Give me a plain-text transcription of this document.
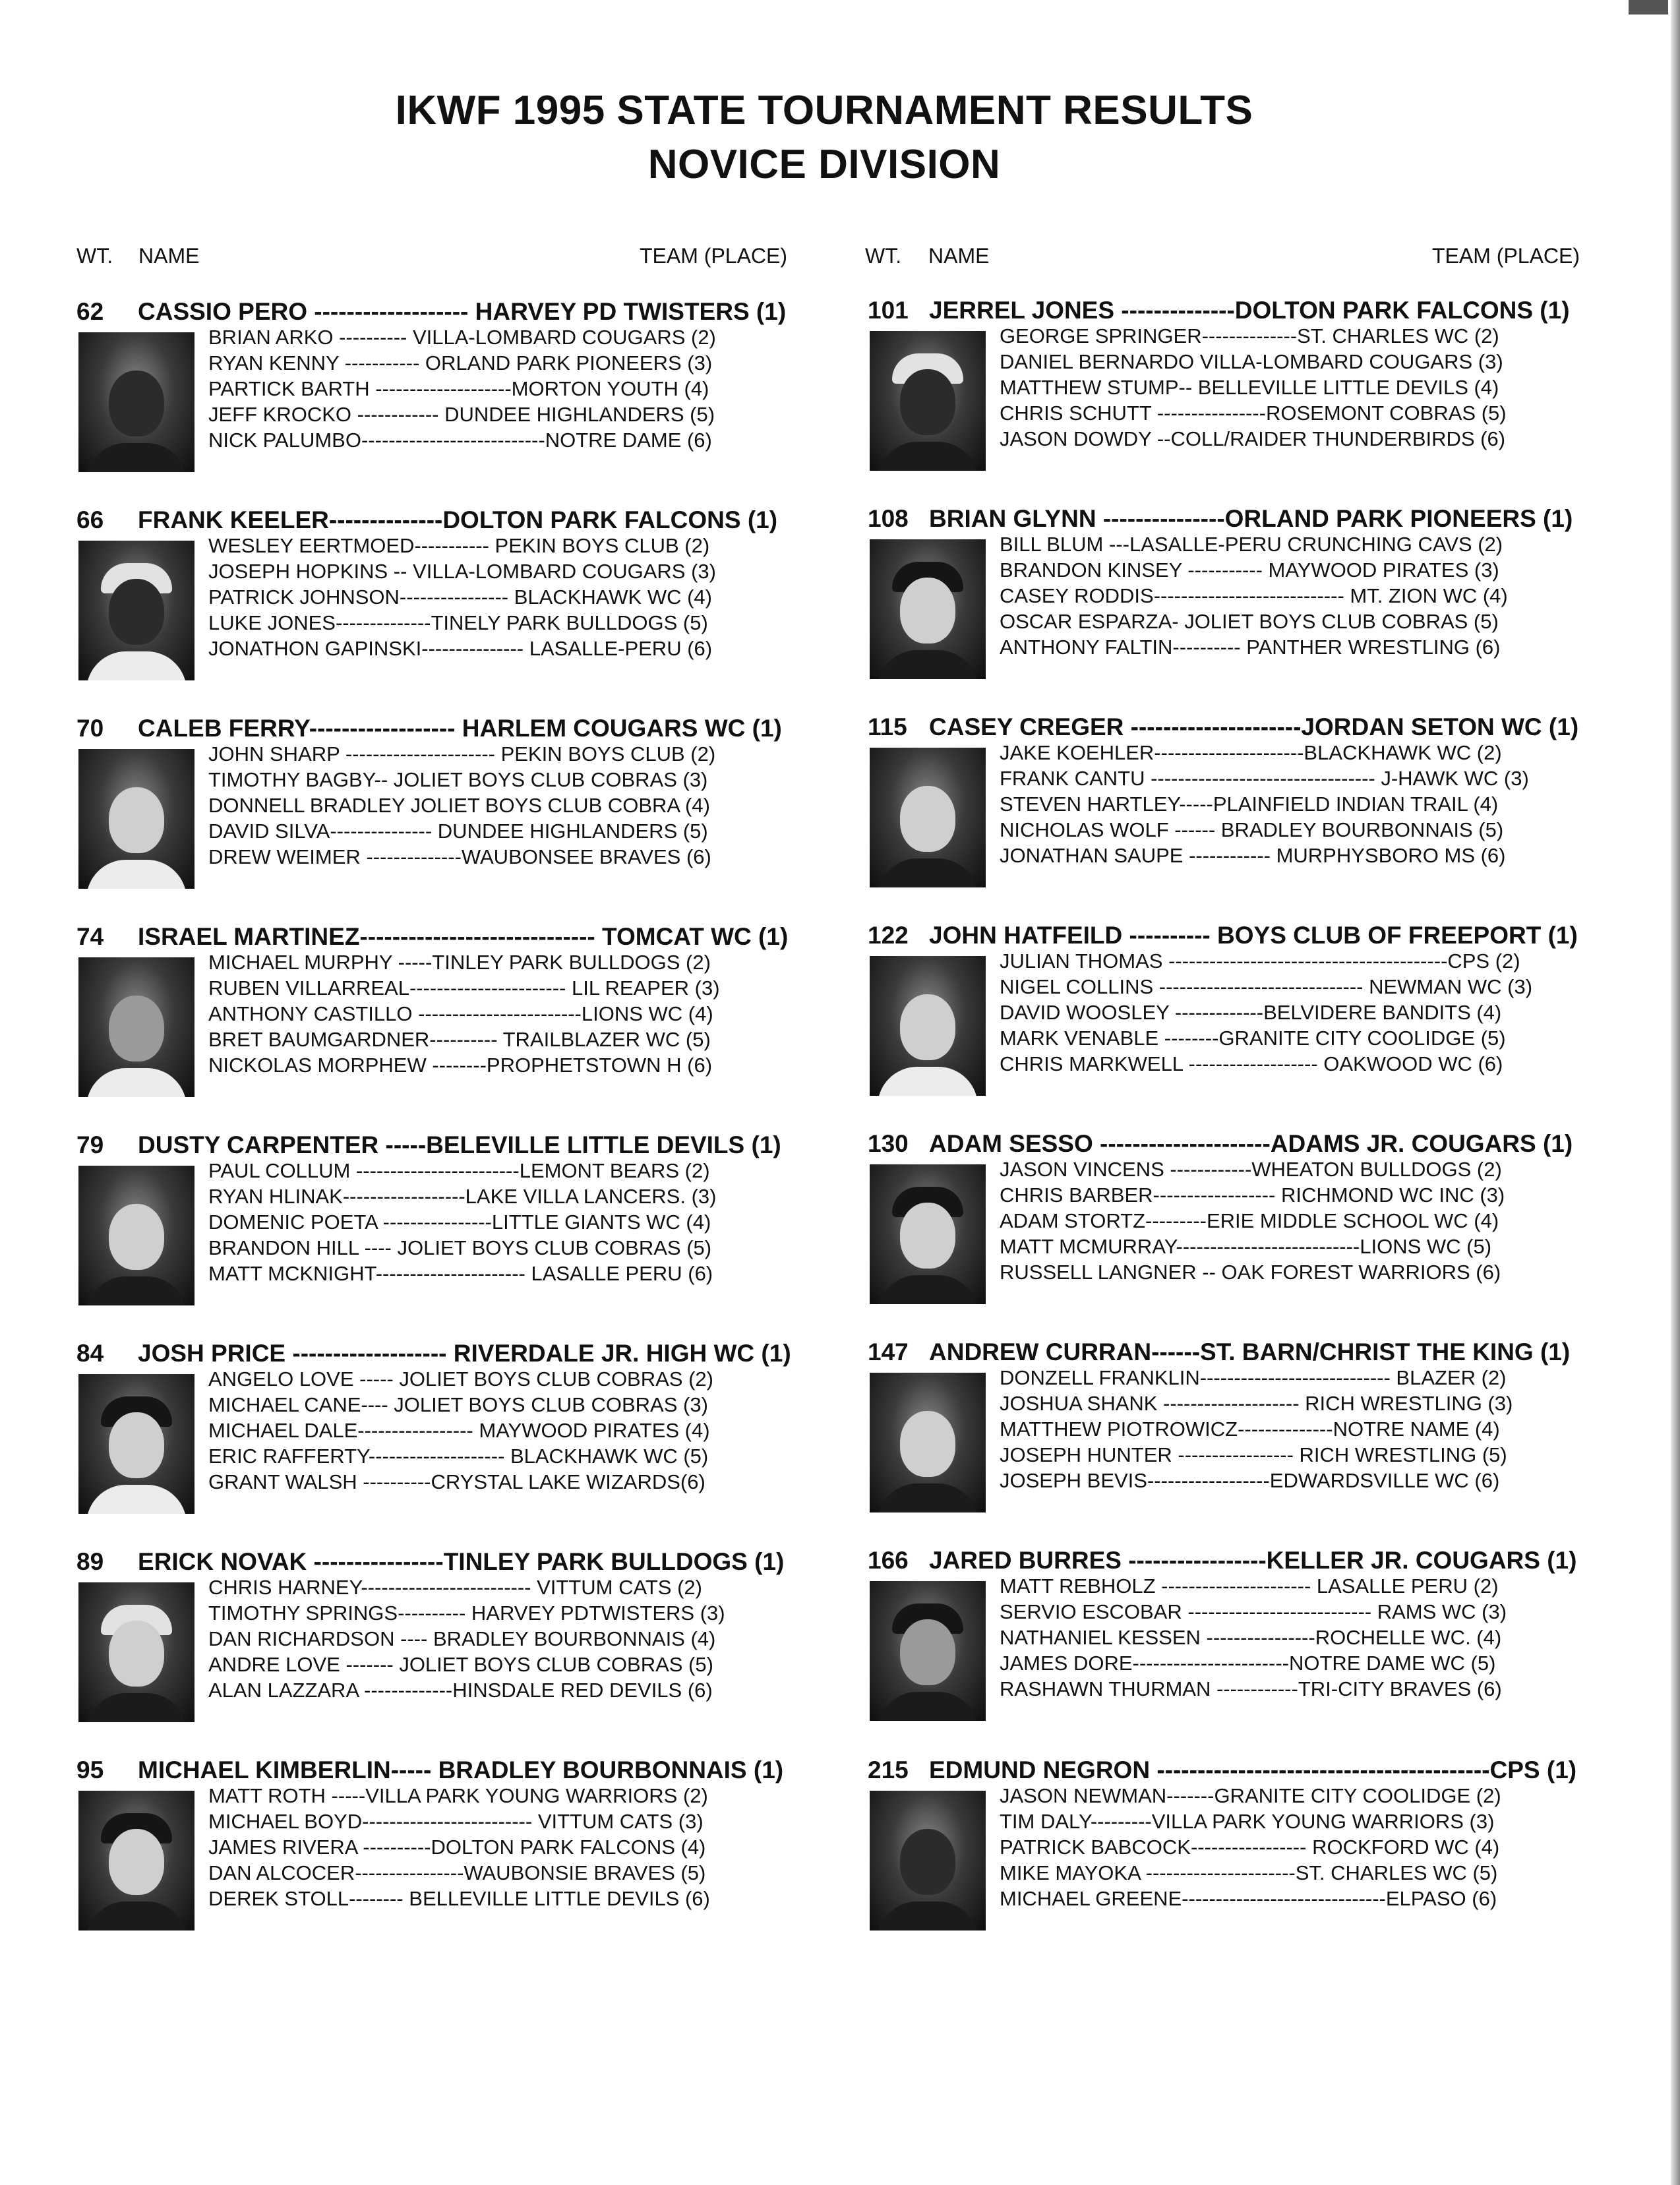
IKWF 1995 STATE TOURNAMENT RESULTS
NOVICE DIVISION
WT. NAME	TEAM (PLACE)	WT. NAME	TEAM (PLACE)
62 CASSIO PERO ------------------- HARVEY PD TWISTERS (1)
BRIAN ARKO ---------- VILLA-LOMBARD COUGARS (2)
RYAN KENNY ----------- ORLAND PARK PIONEERS (3)
PARTICK BARTH --------------------MORTON YOUTH (4)
JEFF KROCKO ------------ DUNDEE HIGHLANDERS (5)
NICK PALUMBO---------------------------NOTRE DAME (6)
66 FRANK KEELER--------------DOLTON PARK FALCONS (1)
WESLEY EERTMOED----------- PEKIN BOYS CLUB (2)
JOSEPH HOPKINS -- VILLA-LOMBARD COUGARS (3)
PATRICK JOHNSON---------------- BLACKHAWK WC (4)
LUKE JONES--------------TINELY PARK BULLDOGS (5)
JONATHON GAPINSKI--------------- LASALLE-PERU (6)
70 CALEB FERRY------------------ HARLEM COUGARS WC (1)
JOHN SHARP ---------------------- PEKIN BOYS CLUB (2)
TIMOTHY BAGBY-- JOLIET BOYS CLUB COBRAS (3)
DONNELL BRADLEY JOLIET BOYS CLUB COBRA (4)
DAVID SILVA--------------- DUNDEE HIGHLANDERS (5)
DREW WEIMER --------------WAUBONSEE BRAVES (6)
74 ISRAEL MARTINEZ----------------------------- TOMCAT WC (1)
MICHAEL MURPHY -----TINLEY PARK BULLDOGS (2)
RUBEN VILLARREAL----------------------- LIL REAPER (3)
ANTHONY CASTILLO ------------------------LIONS WC (4)
BRET BAUMGARDNER---------- TRAILBLAZER WC (5)
NICKOLAS MORPHEW --------PROPHETSTOWN H (6)
79 DUSTY CARPENTER -----BELEVILLE LITTLE DEVILS (1)
PAUL COLLUM ------------------------LEMONT BEARS (2)
RYAN HLINAK------------------LAKE VILLA LANCERS. (3)
DOMENIC POETA ----------------LITTLE GIANTS WC (4)
BRANDON HILL ---- JOLIET BOYS CLUB COBRAS (5)
MATT MCKNIGHT---------------------- LASALLE PERU (6)
84 JOSH PRICE ------------------- RIVERDALE JR. HIGH WC (1)
ANGELO LOVE ----- JOLIET BOYS CLUB COBRAS (2)
MICHAEL CANE---- JOLIET BOYS CLUB COBRAS (3)
MICHAEL DALE----------------- MAYWOOD PIRATES (4)
ERIC RAFFERTY-------------------- BLACKHAWK WC (5)
GRANT WALSH ----------CRYSTAL LAKE WIZARDS(6)
89 ERICK NOVAK ----------------TINLEY PARK BULLDOGS (1)
CHRIS HARNEY------------------------- VITTUM CATS (2)
TIMOTHY SPRINGS---------- HARVEY PDTWISTERS (3)
DAN RICHARDSON ---- BRADLEY BOURBONNAIS (4)
ANDRE LOVE ------- JOLIET BOYS CLUB COBRAS (5)
ALAN LAZZARA -------------HINSDALE RED DEVILS (6)
95 MICHAEL KIMBERLIN----- BRADLEY BOURBONNAIS (1)
MATT ROTH -----VILLA PARK YOUNG WARRIORS (2)
MICHAEL BOYD------------------------- VITTUM CATS (3)
JAMES RIVERA ----------DOLTON PARK FALCONS (4)
DAN ALCOCER----------------WAUBONSIE BRAVES (5)
DEREK STOLL-------- BELLEVILLE LITTLE DEVILS (6)
101 JERREL JONES --------------DOLTON PARK FALCONS (1)
GEORGE SPRINGER--------------ST. CHARLES WC (2)
DANIEL BERNARDO VILLA-LOMBARD COUGARS (3)
MATTHEW STUMP-- BELLEVILLE LITTLE DEVILS (4)
CHRIS SCHUTT ----------------ROSEMONT COBRAS (5)
JASON DOWDY --COLL/RAIDER THUNDERBIRDS (6)
108 BRIAN GLYNN ---------------ORLAND PARK PIONEERS (1)
BILL BLUM ---LASALLE-PERU CRUNCHING CAVS (2)
BRANDON KINSEY ----------- MAYWOOD PIRATES (3)
CASEY RODDIS---------------------------- MT. ZION WC (4)
OSCAR ESPARZA- JOLIET BOYS CLUB COBRAS (5)
ANTHONY FALTIN---------- PANTHER WRESTLING (6)
115 CASEY CREGER ---------------------JORDAN SETON WC (1)
JAKE KOEHLER----------------------BLACKHAWK WC (2)
FRANK CANTU --------------------------------- J-HAWK WC (3)
STEVEN HARTLEY-----PLAINFIELD INDIAN TRAIL (4)
NICHOLAS WOLF ------ BRADLEY BOURBONNAIS (5)
JONATHAN SAUPE ------------ MURPHYSBORO MS (6)
122 JOHN HATFEILD ---------- BOYS CLUB OF FREEPORT (1)
JULIAN THOMAS -----------------------------------------CPS (2)
NIGEL COLLINS ------------------------------ NEWMAN WC (3)
DAVID WOOSLEY -------------BELVIDERE BANDITS (4)
MARK VENABLE --------GRANITE CITY COOLIDGE (5)
CHRIS MARKWELL ------------------- OAKWOOD WC (6)
130 ADAM SESSO ---------------------ADAMS JR. COUGARS (1)
JASON VINCENS ------------WHEATON BULLDOGS (2)
CHRIS BARBER------------------ RICHMOND WC INC (3)
ADAM STORTZ---------ERIE MIDDLE SCHOOL WC (4)
MATT MCMURRAY---------------------------LIONS WC (5)
RUSSELL LANGNER -- OAK FOREST WARRIORS (6)
147 ANDREW CURRAN------ST. BARN/CHRIST THE KING (1)
DONZELL FRANKLIN---------------------------- BLAZER (2)
JOSHUA SHANK -------------------- RICH WRESTLING (3)
MATTHEW PIOTROWICZ--------------NOTRE NAME (4)
JOSEPH HUNTER ----------------- RICH WRESTLING (5)
JOSEPH BEVIS------------------EDWARDSVILLE WC (6)
166 JARED BURRES -----------------KELLER JR. COUGARS (1)
MATT REBHOLZ ---------------------- LASALLE PERU (2)
SERVIO ESCOBAR --------------------------- RAMS WC (3)
NATHANIEL KESSEN ----------------ROCHELLE WC. (4)
JAMES DORE-----------------------NOTRE DAME WC (5)
RASHAWN THURMAN ------------TRI-CITY BRAVES (6)
215 EDMUND NEGRON -----------------------------------------CPS (1)
JASON NEWMAN-------GRANITE CITY COOLIDGE (2)
TIM DALY---------VILLA PARK YOUNG WARRIORS (3)
PATRICK BABCOCK----------------- ROCKFORD WC (4)
MIKE MAYOKA ----------------------ST. CHARLES WC (5)
MICHAEL GREENE------------------------------ELPASO (6)
